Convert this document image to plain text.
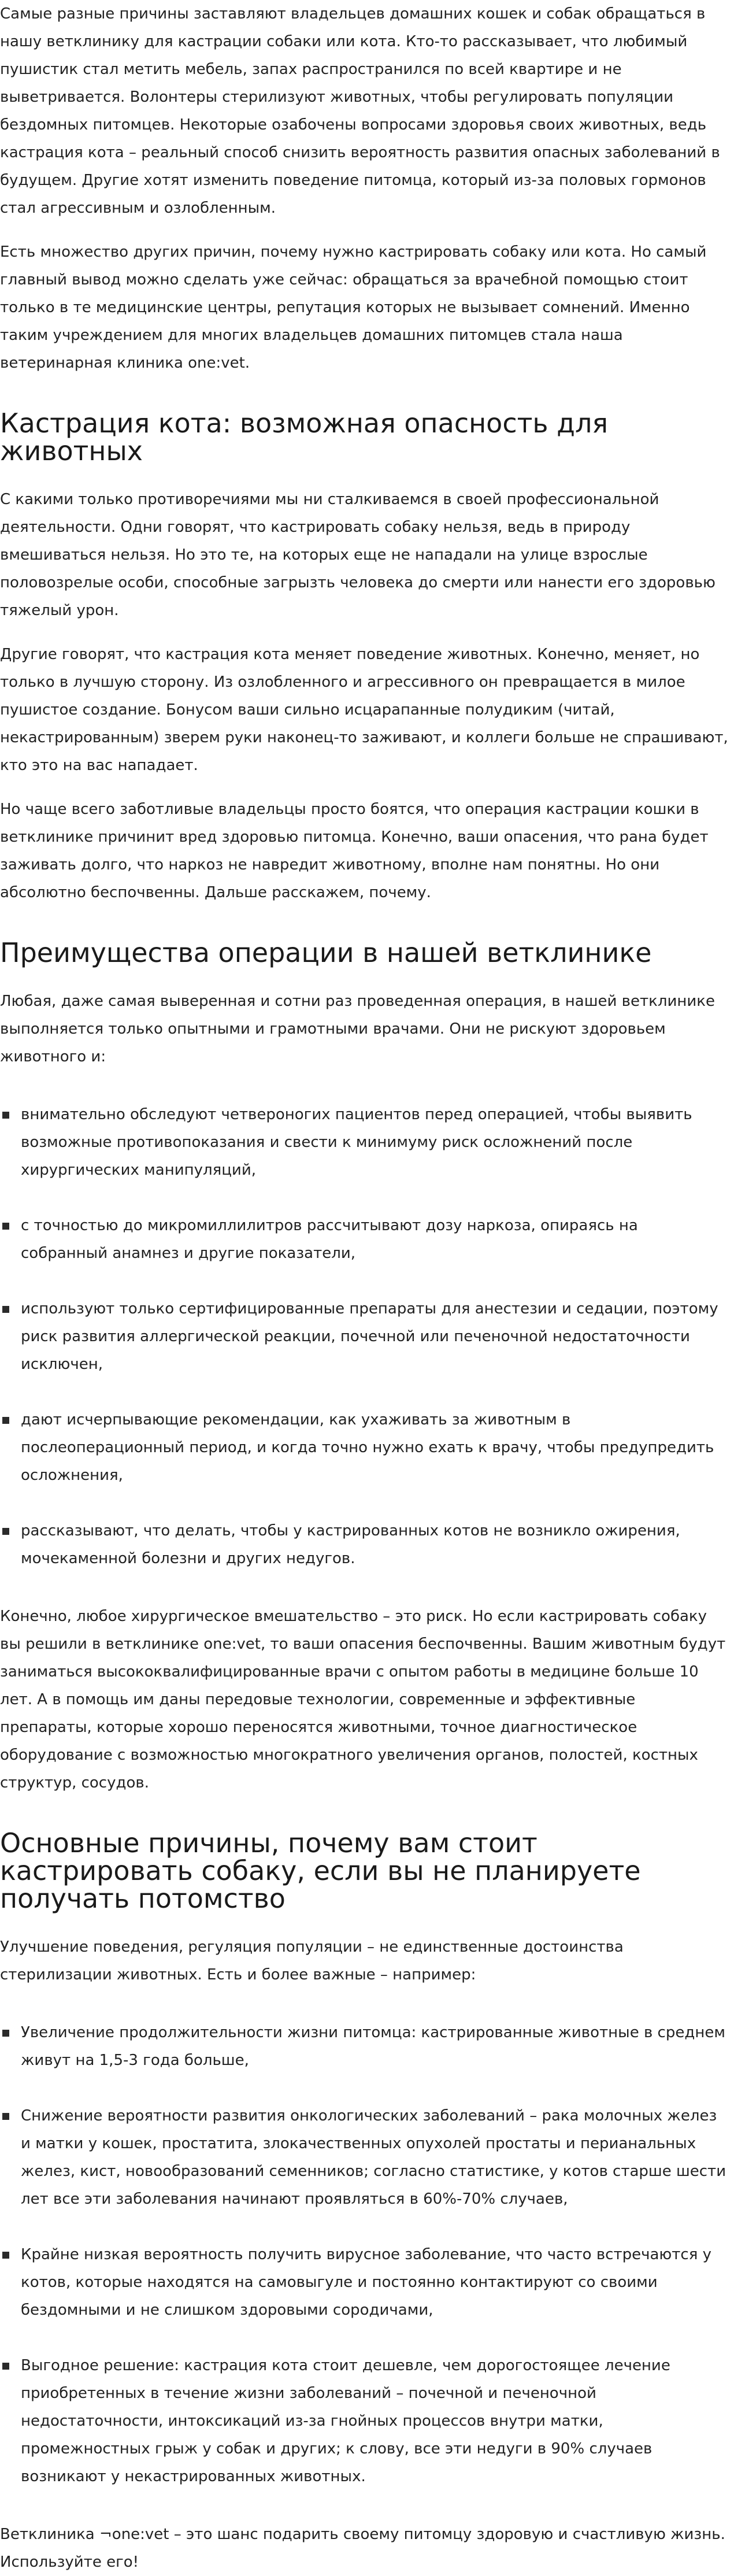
Самые разные причины заставляют владельцев домашних кошек и собак обращаться в нашу ветклинику для кастрации собаки или кота. Кто-то рассказывает, что любимый пушистик стал метить мебель, запах распространился по всей квартире и не выветривается. Волонтеры стерилизуют животных, чтобы регулировать популяции бездомных питомцев. Некоторые озабочены вопросами здоровья своих животных, ведь кастрация кота – реальный способ снизить вероятность развития опасных заболеваний в будущем. Другие хотят изменить поведение питомца, который из-за половых гормонов стал агрессивным и озлобленным.

Есть множество других причин, почему нужно кастрировать собаку или кота. Но самый главный вывод можно сделать уже сейчас: обращаться за врачебной помощью стоит только в те медицинские центры, репутация которых не вызывает сомнений. Именно таким учреждением для многих владельцев домашних питомцев стала наша ветеринарная клиника one:vet.

Кастрация кота: возможная опасность для животных

С какими только противоречиями мы ни сталкиваемся в своей профессиональной деятельности. Одни говорят, что кастрировать собаку нельзя, ведь в природу вмешиваться нельзя. Но это те, на которых еще не нападали на улице взрослые половозрелые особи, способные загрызть человека до смерти или нанести его здоровью тяжелый урон.

Другие говорят, что кастрация кота меняет поведение животных. Конечно, меняет, но только в лучшую сторону. Из озлобленного и агрессивного он превращается в милое пушистое создание. Бонусом ваши сильно исцарапанные полудиким (читай, некастрированным) зверем руки наконец-то заживают, и коллеги больше не спрашивают, кто это на вас нападает.

Но чаще всего заботливые владельцы просто боятся, что операция кастрации кошки в ветклинике причинит вред здоровью питомца. Конечно, ваши опасения, что рана будет заживать долго, что наркоз не навредит животному, вполне нам понятны. Но они абсолютно беспочвенны. Дальше расскажем, почему.

Преимущества операции в нашей ветклинике

Любая, даже самая выверенная и сотни раз проведенная операция, в нашей ветклинике выполняется только опытными и грамотными врачами. Они не рискуют здоровьем животного и:

внимательно обследуют четвероногих пациентов перед операцией, чтобы выявить возможные противопоказания и свести к минимуму риск осложнений после хирургических манипуляций,
с точностью до микромиллилитров рассчитывают дозу наркоза, опираясь на собранный анамнез и другие показатели,
используют только сертифицированные препараты для анестезии и седации, поэтому риск развития аллергической реакции, почечной или печеночной недостаточности исключен,
дают исчерпывающие рекомендации, как ухаживать за животным в послеоперационный период, и когда точно нужно ехать к врачу, чтобы предупредить осложнения,
рассказывают, что делать, чтобы у кастрированных котов не возникло ожирения, мочекаменной болезни и других недугов.

Конечно, любое хирургическое вмешательство – это риск. Но если кастрировать собаку вы решили в ветклинике one:vet, то ваши опасения беспочвенны. Вашим животным будут заниматься высококвалифицированные врачи с опытом работы в медицине больше 10 лет. А в помощь им даны передовые технологии, современные и эффективные препараты, которые хорошо переносятся животными, точное диагностическое оборудование с возможностью многократного увеличения органов, полостей, костных структур, сосудов.

Основные причины, почему вам стоит кастрировать собаку, если вы не планируете получать потомство

Улучшение поведения, регуляция популяции – не единственные достоинства стерилизации животных. Есть и более важные – например:

Увеличение продолжительности жизни питомца: кастрированные животные в среднем живут на 1,5-3 года больше,
Снижение вероятности развития онкологических заболеваний – рака молочных желез и матки у кошек, простатита, злокачественных опухолей простаты и перианальных желез, кист, новообразований семенников; согласно статистике, у котов старше шести лет все эти заболевания начинают проявляться в 60%-70% случаев,
Крайне низкая вероятность получить вирусное заболевание, что часто встречаются у котов, которые находятся на самовыгуле и постоянно контактируют со своими бездомными и не слишком здоровыми сородичами,
Выгодное решение: кастрация кота стоит дешевле, чем дорогостоящее лечение приобретенных в течение жизни заболеваний – почечной и печеночной недостаточности, интоксикаций из-за гнойных процессов внутри матки, промежностных грыж у собак и других; к слову, все эти недуги в 90% случаев возникают у некастрированных животных.

Ветклиника ¬one:vet – это шанс подарить своему питомцу здоровую и счастливую жизнь. Используйте его!
